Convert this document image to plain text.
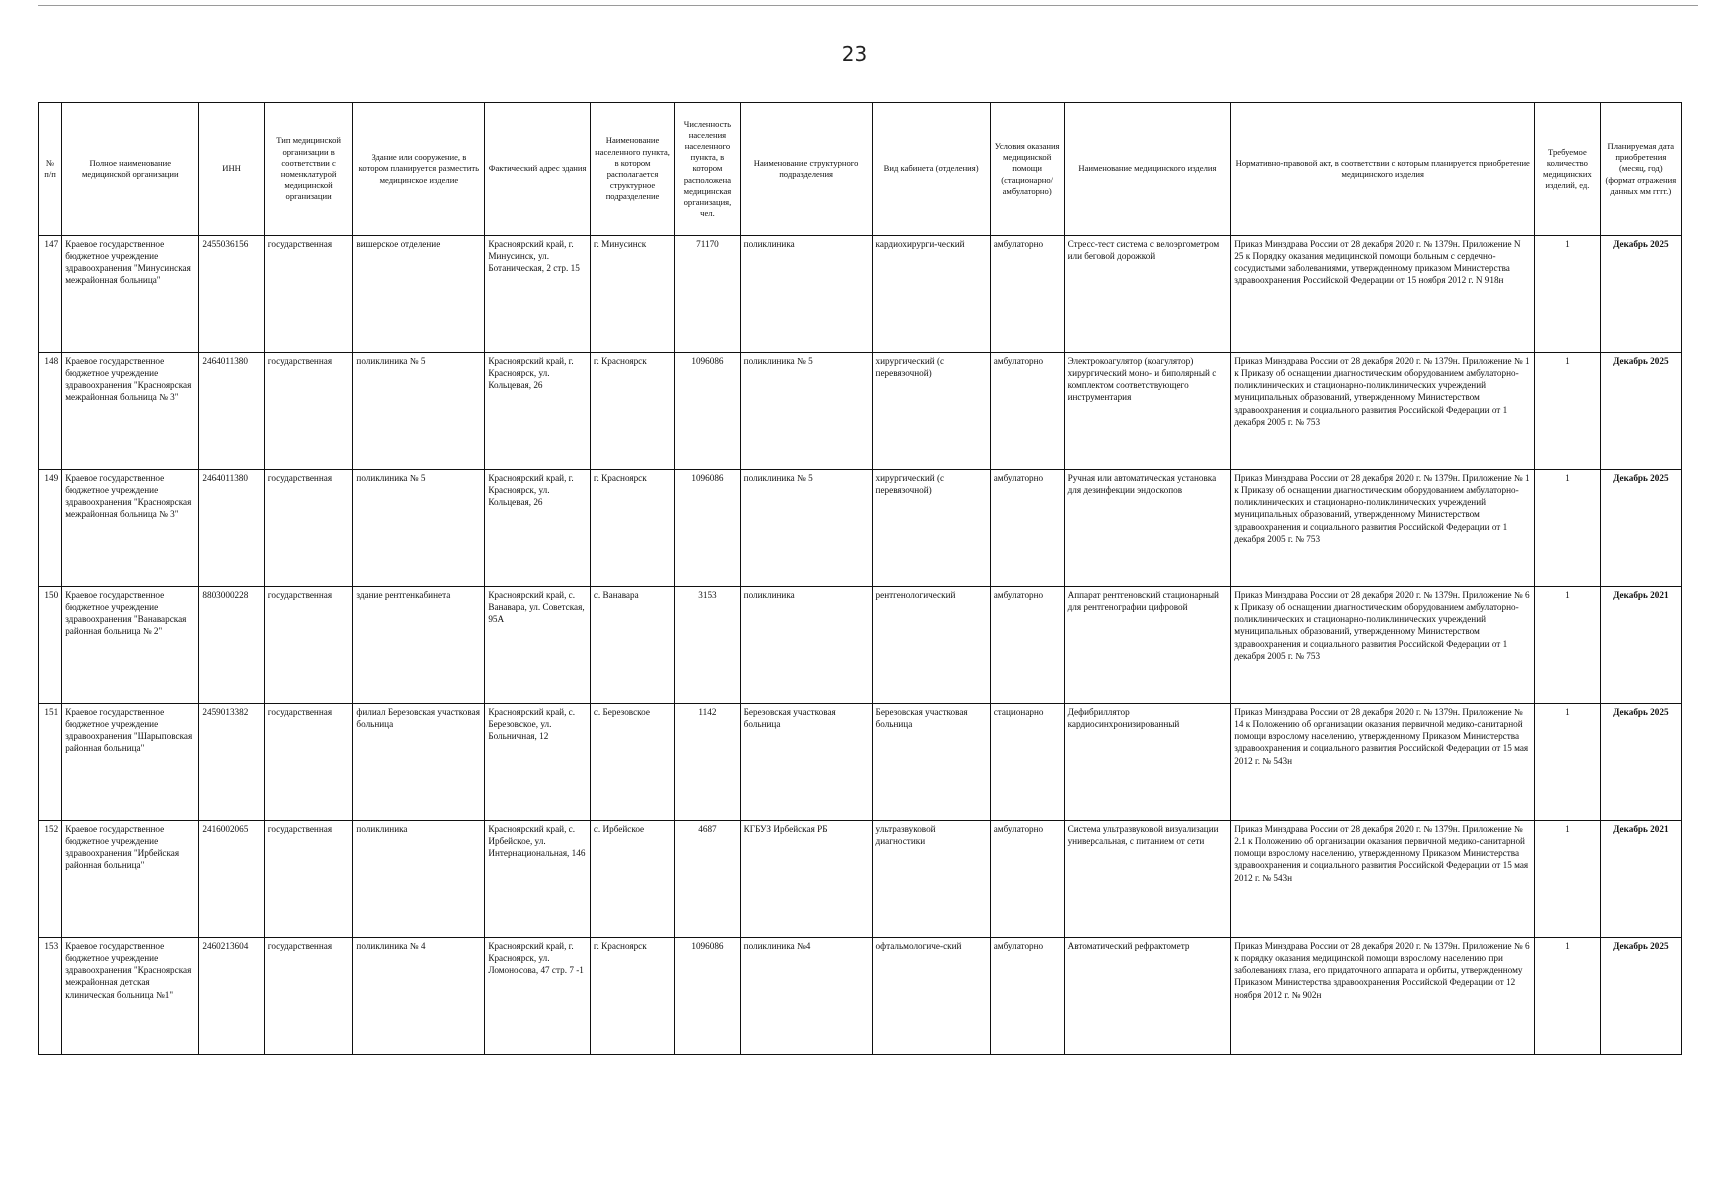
23
№ п/п	Полное наименование медицинской организации	ИНН	Тип медицинской организации в соответствии с номенклатурой медицинской организации	Здание или сооружение, в котором планируется разместить медицинское изделие	Фактический адрес здания	Наименование населенного пункта, в котором располагается структурное подразделение	Численность населения населенного пункта, в котором расположена медицинская организация, чел.	Наименование структурного подразделения	Вид кабинета (отделения)	Условия оказания медицинской помощи (стационарно/ амбулаторно)	Наименование медицинского изделия	Нормативно-правовой акт, в соответствии с которым планируется приобретение медицинского изделия	Требуемое количество медицинских изделий, ед.	Планируемая дата приобретения (месяц, год) (формат отражения данных мм гггг.)
147	Краевое государственное бюджетное учреждение здравоохранения "Минусинская межрайонная больница"	2455036156	государственная	вишерское отделение	Красноярский край, г. Минусинск, ул. Ботаническая, 2 стр. 15	г. Минусинск	71170	поликлиника	кардиохирурги-ческий	амбулаторно	Стресс-тест система с велоэргометром или беговой дорожкой	Приказ Минздрава России от 28 декабря 2020 г. № 1379н. Приложение N 25 к Порядку оказания медицинской помощи больным с сердечно-сосудистыми заболеваниями, утвержденному приказом Министерства здравоохранения Российской Федерации от 15 ноября 2012 г. N 918н	1	Декабрь 2025
148	Краевое государственное бюджетное учреждение здравоохранения "Красноярская межрайонная больница № 3"	2464011380	государственная	поликлиника № 5	Красноярский край, г. Красноярск, ул. Кольцевая, 26	г. Красноярск	1096086	поликлиника № 5	хирургический (с перевязочной)	амбулаторно	Электрокоагулятор (коагулятор) хирургический моно- и биполярный с комплектом соответствующего инструментария	Приказ Минздрава России от 28 декабря 2020 г. № 1379н. Приложение № 1 к Приказу об оснащении диагностическим оборудованием амбулаторно-поликлинических и стационарно-поликлинических учреждений муниципальных образований, утвержденному Министерством здравоохранения и социального развития Российской Федерации от 1 декабря 2005 г. № 753	1	Декабрь 2025
149	Краевое государственное бюджетное учреждение здравоохранения "Красноярская межрайонная больница № 3"	2464011380	государственная	поликлиника № 5	Красноярский край, г. Красноярск, ул. Кольцевая, 26	г. Красноярск	1096086	поликлиника № 5	хирургический (с перевязочной)	амбулаторно	Ручная или автоматическая установка для дезинфекции эндоскопов	Приказ Минздрава России от 28 декабря 2020 г. № 1379н. Приложение № 1 к Приказу об оснащении диагностическим оборудованием амбулаторно-поликлинических и стационарно-поликлинических учреждений муниципальных образований, утвержденному Министерством здравоохранения и социального развития Российской Федерации от 1 декабря 2005 г. № 753	1	Декабрь 2025
150	Краевое государственное бюджетное учреждение здравоохранения "Ванаварская районная больница № 2"	8803000228	государственная	здание рентгенкабинета	Красноярский край, с. Ванавара, ул. Советская, 95А	с. Ванавара	3153	поликлиника	рентгенологический	амбулаторно	Аппарат рентгеновский стационарный для рентгенографии цифровой	Приказ Минздрава России от 28 декабря 2020 г. № 1379н. Приложение № 6 к Приказу об оснащении диагностическим оборудованием амбулаторно-поликлинических и стационарно-поликлинических учреждений муниципальных образований, утвержденному Министерством здравоохранения и социального развития Российской Федерации от 1 декабря 2005 г. № 753	1	Декабрь 2021
151	Краевое государственное бюджетное учреждение здравоохранения "Шарыповская районная больница"	2459013382	государственная	филиал Березовская участковая больница	Красноярский край, с. Березовское, ул. Больничная, 12	с. Березовское	1142	Березовская участковая больница	Березовская участковая больница	стационарно	Дефибриллятор кардиосинхронизированный	Приказ Минздрава России от 28 декабря 2020 г. № 1379н. Приложение № 14 к Положению об организации оказания первичной медико-санитарной помощи взрослому населению, утвержденному Приказом Министерства здравоохранения и социального развития Российской Федерации от 15 мая 2012 г. № 543н	1	Декабрь 2025
152	Краевое государственное бюджетное учреждение здравоохранения "Ирбейская районная больница"	2416002065	государственная	поликлиника	Красноярский край, с. Ирбейское, ул. Интернациональная, 146	с. Ирбейское	4687	КГБУЗ Ирбейская РБ	ультразвуковой диагностики	амбулаторно	Система ультразвуковой визуализации универсальная, с питанием от сети	Приказ Минздрава России от 28 декабря 2020 г. № 1379н. Приложение № 2.1 к Положению об организации оказания первичной медико-санитарной помощи взрослому населению, утвержденному Приказом Министерства здравоохранения и социального развития Российской Федерации от 15 мая 2012 г. № 543н	1	Декабрь 2021
153	Краевое государственное бюджетное учреждение здравоохранения "Красноярская межрайонная детская клиническая больница №1"	2460213604	государственная	поликлиника № 4	Красноярский край, г. Красноярск, ул. Ломоносова, 47 стр. 7 -1	г. Красноярск	1096086	поликлиника №4	офтальмологиче-ский	амбулаторно	Автоматический рефрактометр	Приказ Минздрава России от 28 декабря 2020 г. № 1379н. Приложение № 6 к порядку оказания медицинской помощи взрослому населению при заболеваниях глаза, его придаточного аппарата и орбиты, утвержденному Приказом Министерства здравоохранения Российской Федерации от 12 ноября 2012 г. № 902н	1	Декабрь 2025
